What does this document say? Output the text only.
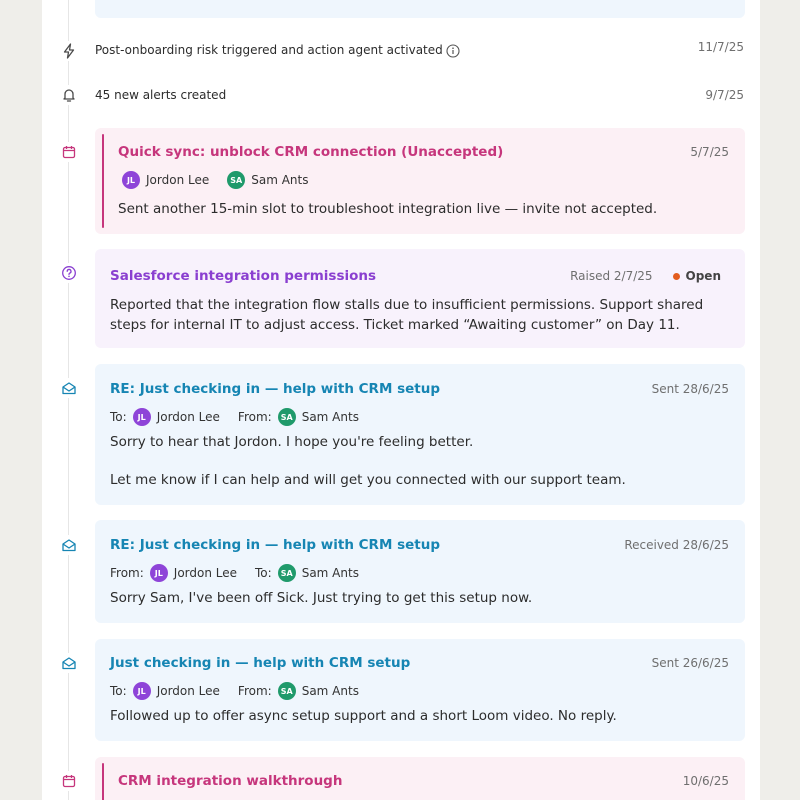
Post-onboarding risk triggered and action agent activated	11/7/25
45 new alerts created	9/7/25
Quick sync: unblock CRM connection (Unaccepted)	5/7/25
JL Jordon Lee	SA Sam Ants
Sent another 15-min slot to troubleshoot integration live — invite not accepted.
Salesforce integration permissions	Raised 2/7/25	Open
Reported that the integration flow stalls due to insufficient permissions. Support shared
steps for internal IT to adjust access. Ticket marked “Awaiting customer” on Day 11.
RE: Just checking in — help with CRM setup	Sent 28/6/25
To:	JL Jordon Lee From:	SA Sam Ants
Sorry to hear that Jordon. I hope you're feeling better.
Let me know if I can help and will get you connected with our support team.
RE: Just checking in — help with CRM setup	Received 28/6/25
From:	JL Jordon Lee To:	SA Sam Ants
Sorry Sam, I've been off Sick. Just trying to get this setup now.
Just checking in — help with CRM setup	Sent 26/6/25
To:	JL Jordon Lee From:	SA Sam Ants
Followed up to offer async setup support and a short Loom video. No reply.
CRM integration walkthrough	10/6/25
